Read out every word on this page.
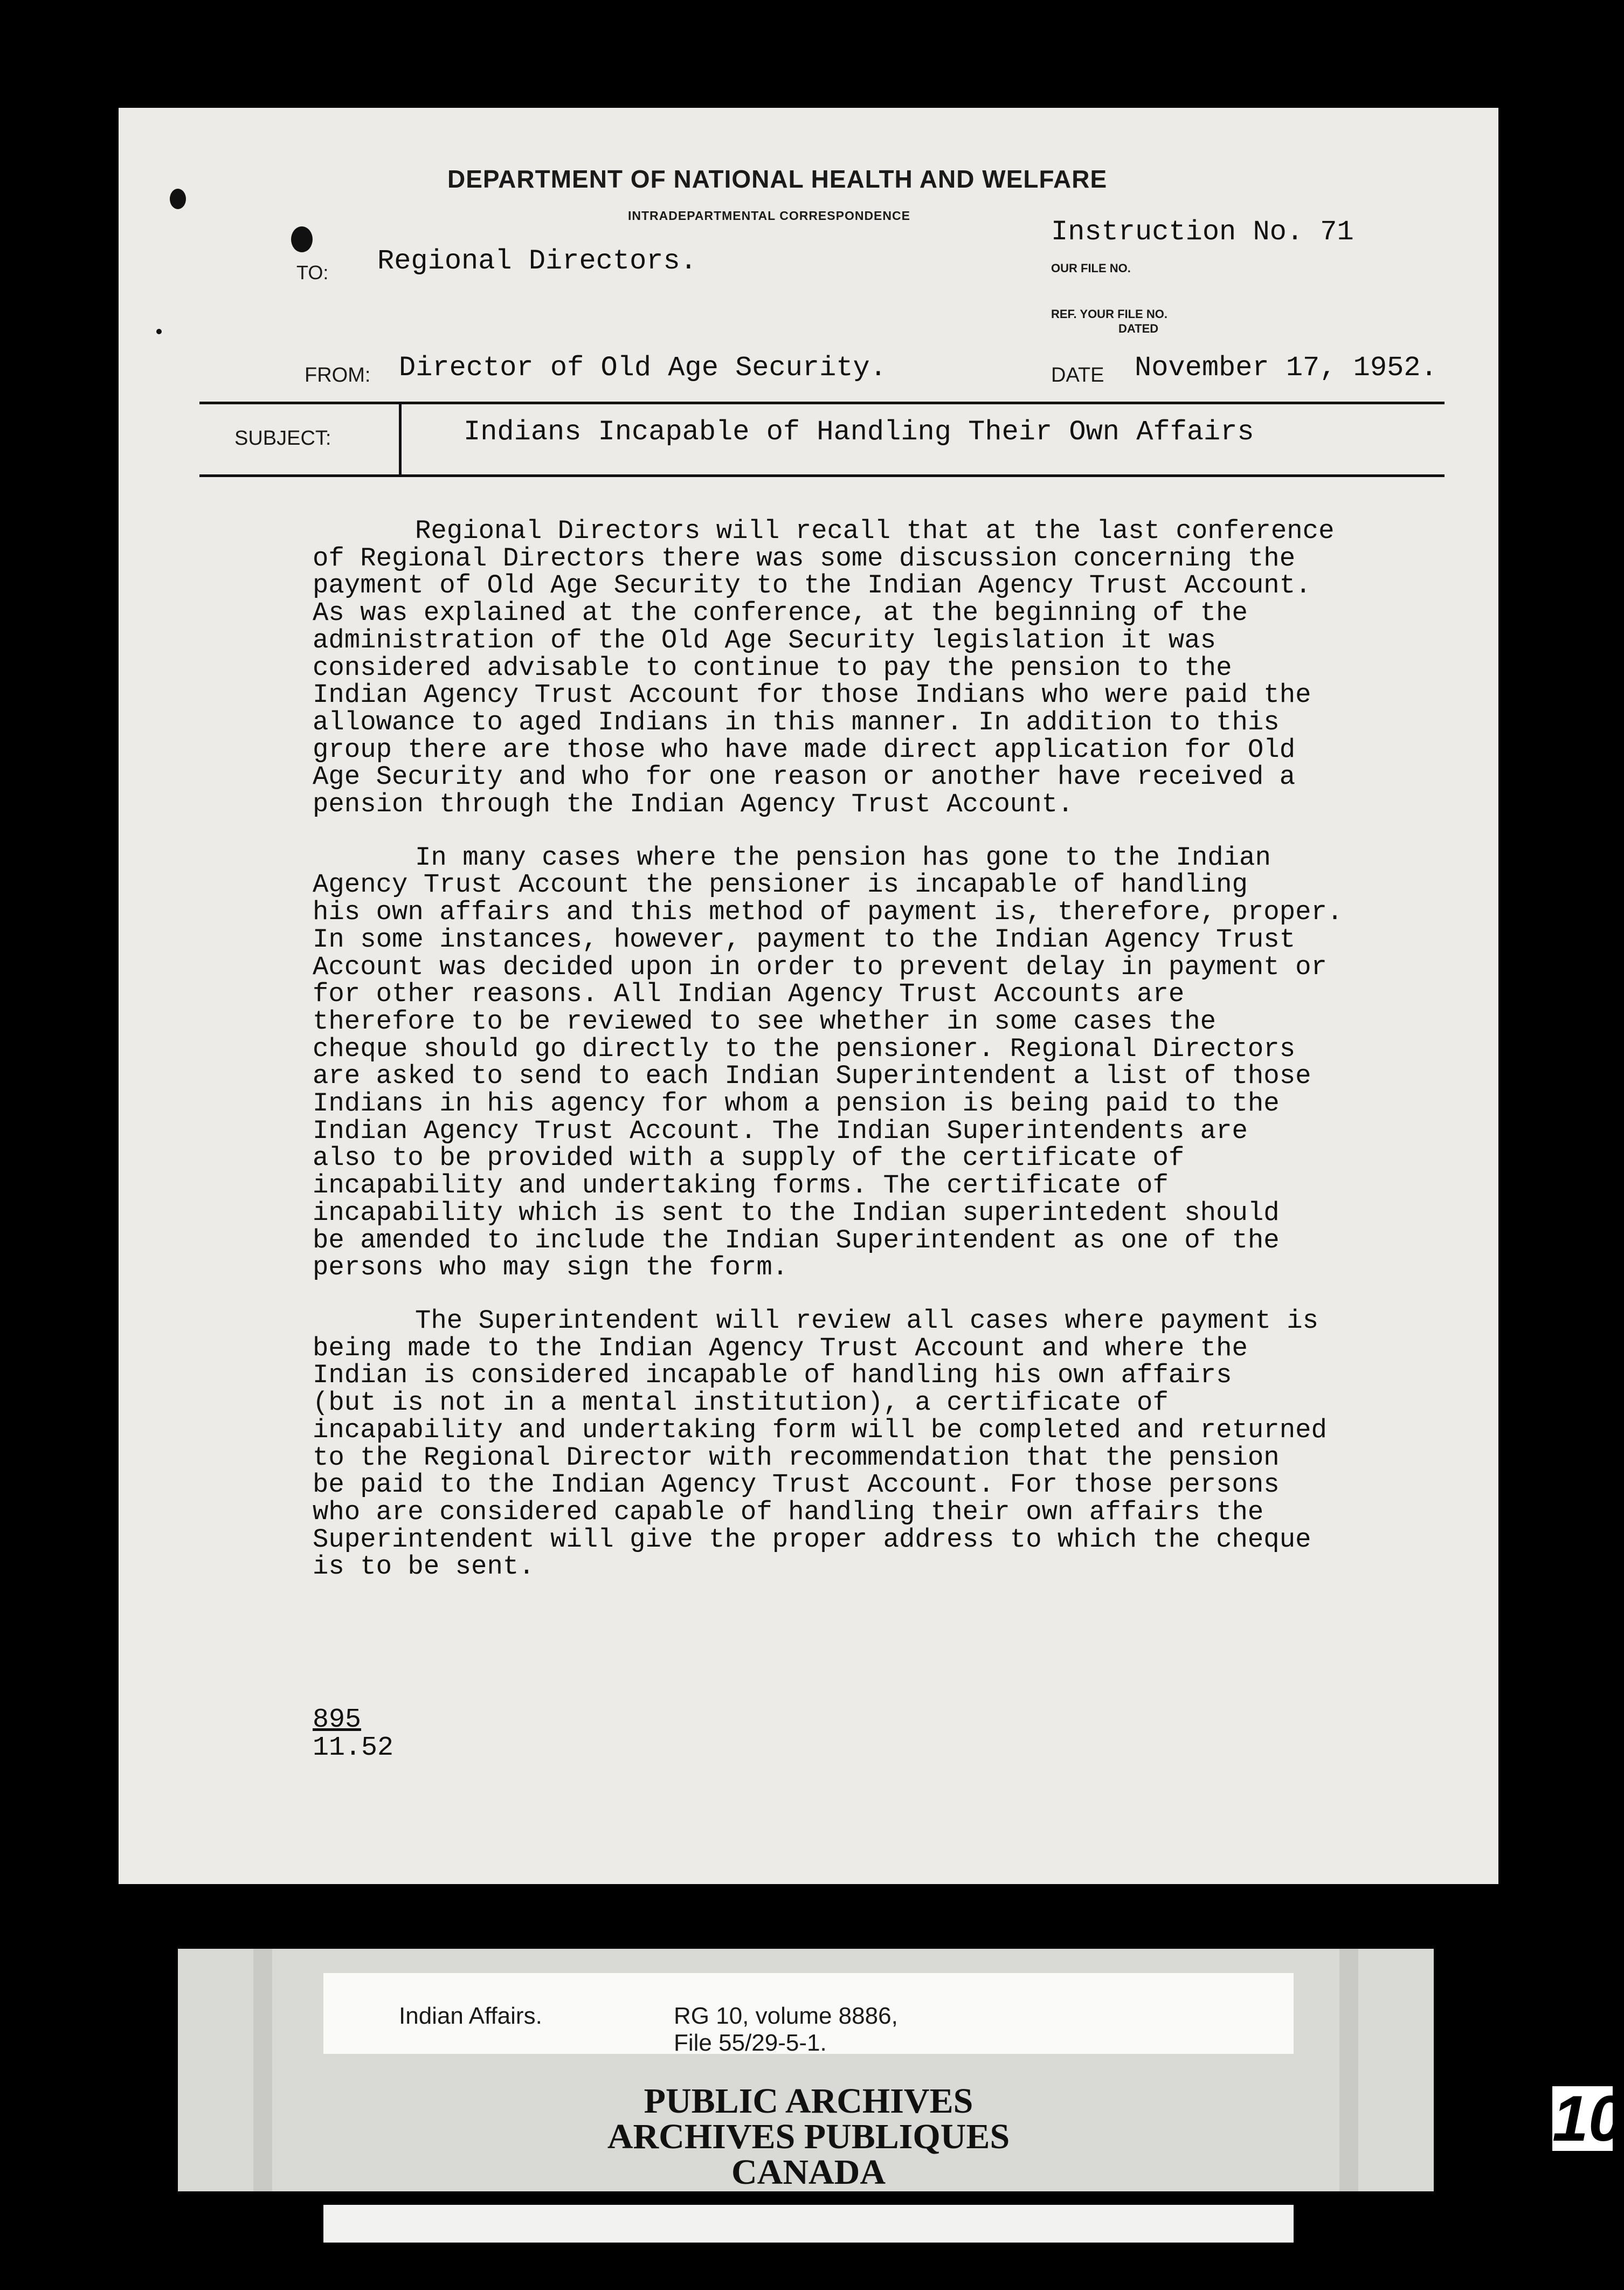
DEPARTMENT OF NATIONAL HEALTH AND WELFARE
INTRADEPARTMENTAL CORRESPONDENCE
Instruction No. 71
TO: Regional Directors.	OUR FILE NO.
REF. YOUR FILE NO.
DATED
FROM: Director of Old Age Security.	DATE November 17, 1952.
SUBJECT:	Indians Incapable of Handling Their Own Affairs

Regional Directors will recall that at the last conference
of Regional Directors there was some discussion concerning the
payment of Old Age Security to the Indian Agency Trust Account.
As was explained at the conference, at the beginning of the
administration of the Old Age Security legislation it was
considered advisable to continue to pay the pension to the
Indian Agency Trust Account for those Indians who were paid the
allowance to aged Indians in this manner. In addition to this
group there are those who have made direct application for Old
Age Security and who for one reason or another have received a
pension through the Indian Agency Trust Account.

In many cases where the pension has gone to the Indian
Agency Trust Account the pensioner is incapable of handling
his own affairs and this method of payment is, therefore, proper.
In some instances, however, payment to the Indian Agency Trust
Account was decided upon in order to prevent delay in payment or
for other reasons. All Indian Agency Trust Accounts are
therefore to be reviewed to see whether in some cases the
cheque should go directly to the pensioner. Regional Directors
are asked to send to each Indian Superintendent a list of those
Indians in his agency for whom a pension is being paid to the
Indian Agency Trust Account. The Indian Superintendents are
also to be provided with a supply of the certificate of
incapability and undertaking forms. The certificate of
incapability which is sent to the Indian superintedent should
be amended to include the Indian Superintendent as one of the
persons who may sign the form.

The Superintendent will review all cases where payment is
being made to the Indian Agency Trust Account and where the
Indian is considered incapable of handling his own affairs
(but is not in a mental institution), a certificate of
incapability and undertaking form will be completed and returned
to the Regional Director with recommendation that the pension
be paid to the Indian Agency Trust Account. For those persons
who are considered capable of handling their own affairs the
Superintendent will give the proper address to which the cheque
is to be sent.

895
11.52
Indian Affairs.	RG 10, volume 8886,
File 55/29-5-1.
PUBLIC ARCHIVES
ARCHIVES PUBLIQUES
CANADA
10
